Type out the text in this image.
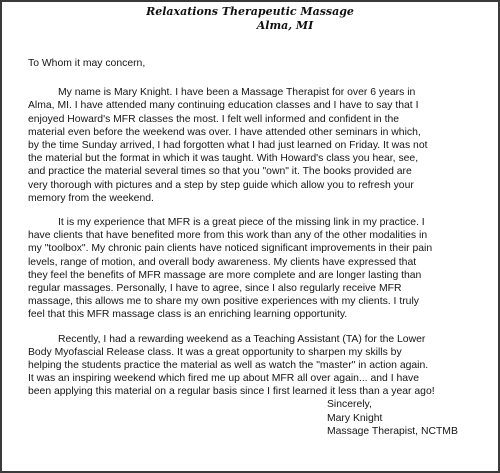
Relaxations Therapeutic Massage
Alma, MI
To Whom it may concern,
My name is Mary Knight. I have been a Massage Therapist for over 6 years in
Alma, MI. I have attended many continuing education classes and I have to say that I
enjoyed Howard's MFR classes the most. I felt well informed and confident in the
material even before the weekend was over. I have attended other seminars in which,
by the time Sunday arrived, I had forgotten what I had just learned on Friday. It was not
the material but the format in which it was taught. With Howard's class you hear, see,
and practice the material several times so that you "own" it. The books provided are
very thorough with pictures and a step by step guide which allow you to refresh your
memory from the weekend.
It is my experience that MFR is a great piece of the missing link in my practice. I
have clients that have benefited more from this work than any of the other modalities in
my "toolbox". My chronic pain clients have noticed significant improvements in their pain
levels, range of motion, and overall body awareness. My clients have expressed that
they feel the benefits of MFR massage are more complete and are longer lasting than
regular massages. Personally, I have to agree, since I also regularly receive MFR
massage, this allows me to share my own positive experiences with my clients. I truly
feel that this MFR massage class is an enriching learning opportunity.
Recently, I had a rewarding weekend as a Teaching Assistant (TA) for the Lower
Body Myofascial Release class. It was a great opportunity to sharpen my skills by
helping the students practice the material as well as watch the "master" in action again.
It was an inspiring weekend which fired me up about MFR all over again... and I have
been applying this material on a regular basis since I first learned it less than a year ago!
Sincerely,
Mary Knight
Massage Therapist, NCTMB
